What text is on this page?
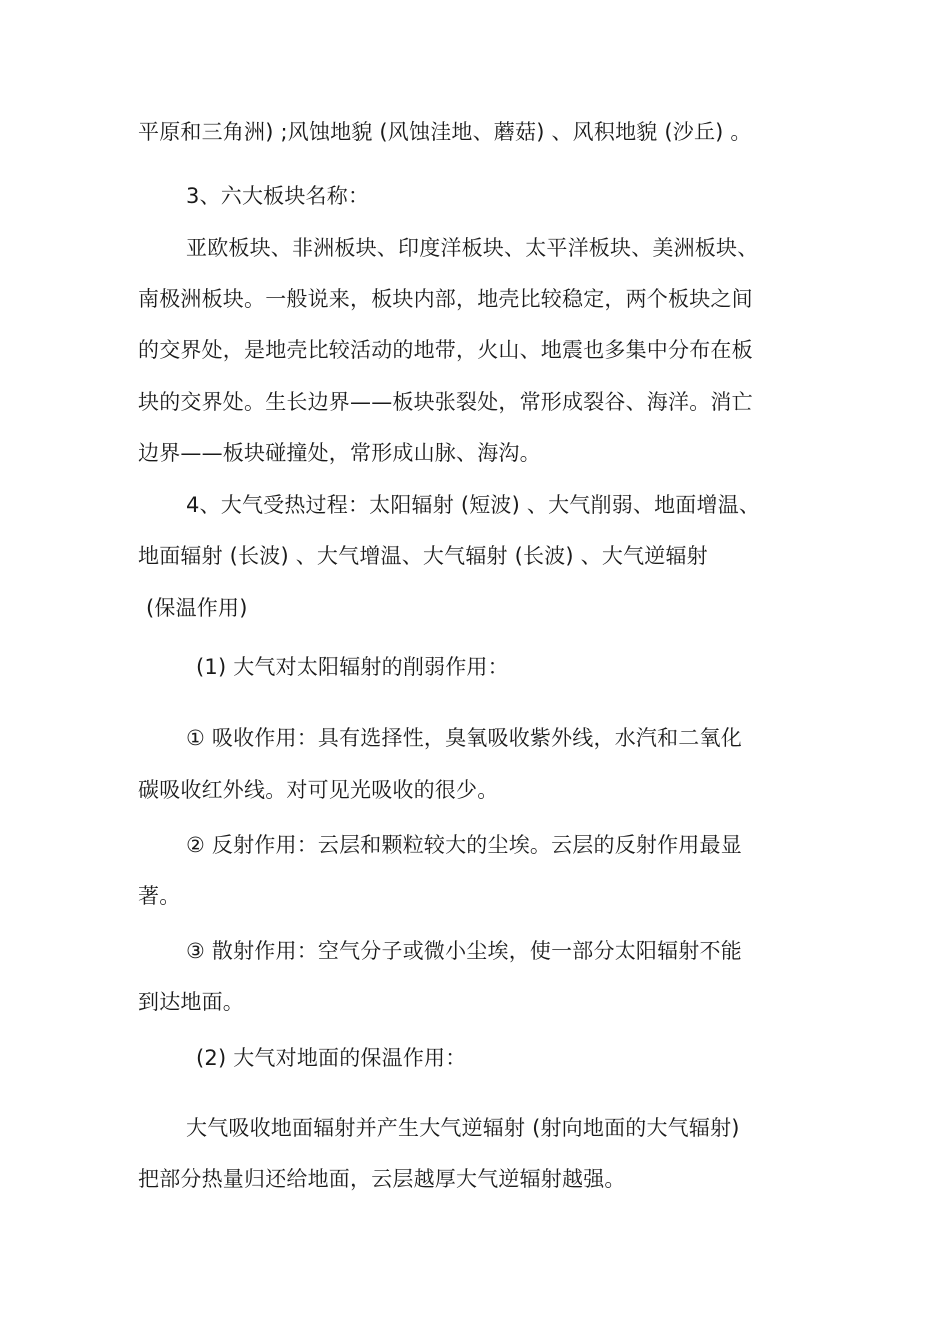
平原和三角洲) ;风蚀地貌 (风蚀洼地、蘑菇) 、风积地貌 (沙丘) 。
3、六大板块名称：
亚欧板块、非洲板块、印度洋板块、太平洋板块、美洲板块、
南极洲板块。一般说来，板块内部，地壳比较稳定，两个板块之间
的交界处，是地壳比较活动的地带，火山、地震也多集中分布在板
块的交界处。生长边界——板块张裂处，常形成裂谷、海洋。消亡
边界——板块碰撞处，常形成山脉、海沟。
4、大气受热过程：太阳辐射 (短波) 、大气削弱、地面增温、
地面辐射 (长波) 、大气增温、大气辐射 (长波) 、大气逆辐射
(保温作用)
(1) 大气对太阳辐射的削弱作用：
① 吸收作用：具有选择性，臭氧吸收紫外线，水汽和二氧化
碳吸收红外线。对可见光吸收的很少。
② 反射作用：云层和颗粒较大的尘埃。云层的反射作用最显
著。
③ 散射作用：空气分子或微小尘埃，使一部分太阳辐射不能
到达地面。
(2) 大气对地面的保温作用：
大气吸收地面辐射并产生大气逆辐射 (射向地面的大气辐射)
把部分热量归还给地面，云层越厚大气逆辐射越强。
